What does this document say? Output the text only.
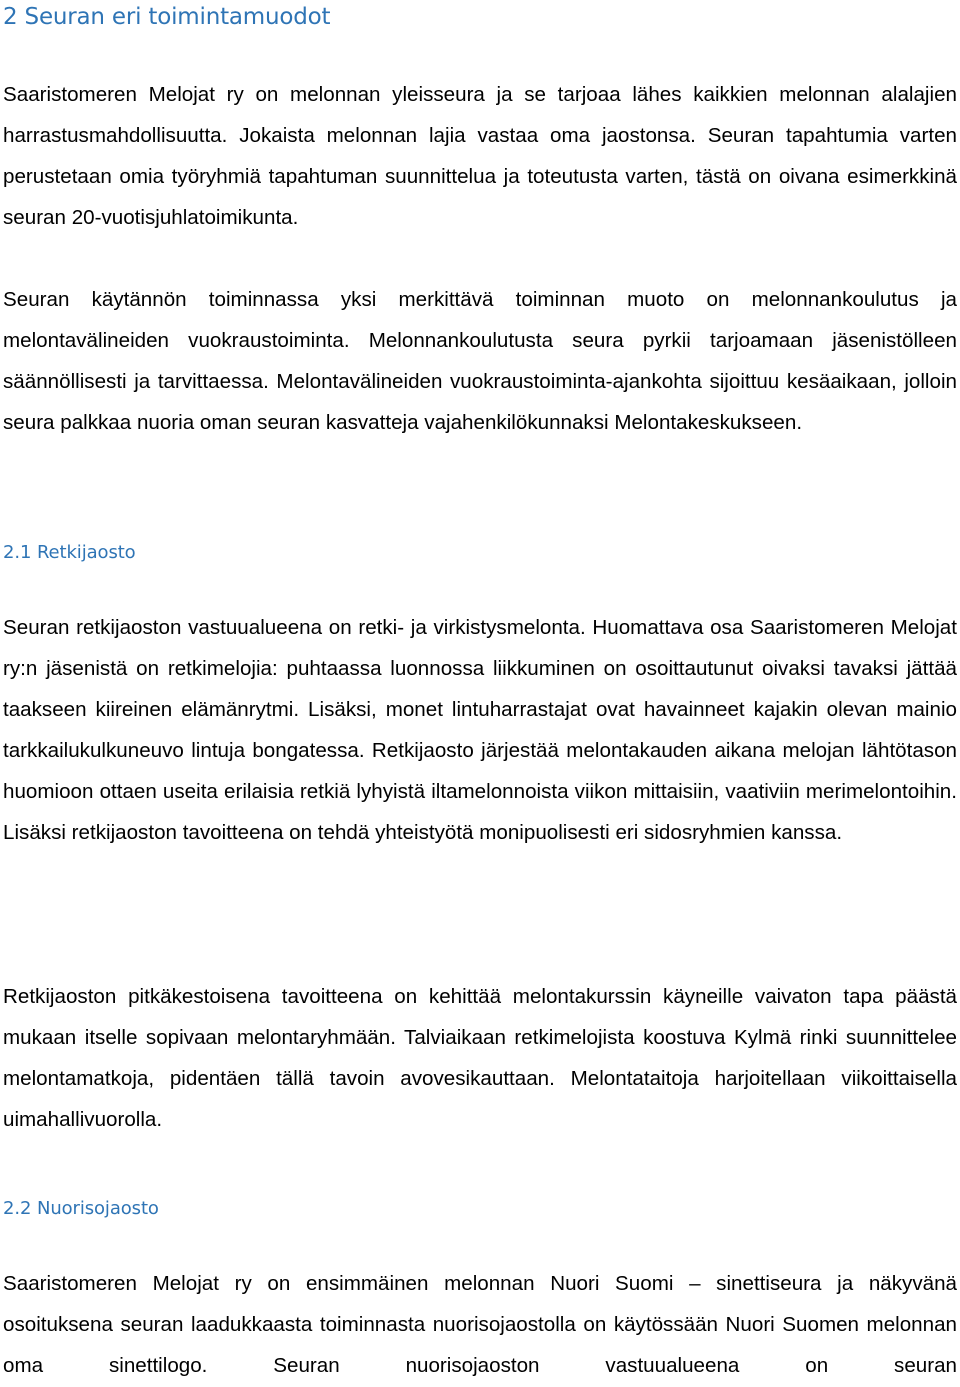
2 Seuran eri toimintamuodot

Saaristomeren Melojat ry on melonnan yleisseura ja se tarjoaa lähes kaikkien melonnan alalajien harrastusmahdollisuutta. Jokaista melonnan lajia vastaa oma jaostonsa. Seuran tapahtumia varten perustetaan omia työryhmiä tapahtuman suunnittelua ja toteutusta varten, tästä on oivana esimerkkinä seuran 20-vuotisjuhlatoimikunta.

Seuran käytännön toiminnassa yksi merkittävä toiminnan muoto on melonnankoulutus ja melontavälineiden vuokraustoiminta. Melonnankoulutusta seura pyrkii tarjoamaan jäsenistölleen säännöllisesti ja tarvittaessa. Melontavälineiden vuokraustoiminta-ajankohta sijoittuu kesäaikaan, jolloin seura palkkaa nuoria oman seuran kasvatteja vajahenkilökunnaksi Melontakeskukseen.

2.1 Retkijaosto

Seuran retkijaoston vastuualueena on retki- ja virkistysmelonta. Huomattava osa Saaristomeren Melojat ry:n jäsenistä on retkimelojia: puhtaassa luonnossa liikkuminen on osoittautunut oivaksi tavaksi jättää taakseen kiireinen elämänrytmi. Lisäksi, monet lintuharrastajat ovat havainneet kajakin olevan mainio tarkkailukulkuneuvo lintuja bongatessa. Retkijaosto järjestää melontakauden aikana melojan lähtötason huomioon ottaen useita erilaisia retkiä lyhyistä iltamelonnoista viikon mittaisiin, vaativiin merimelontoihin. Lisäksi retkijaoston tavoitteena on tehdä yhteistyötä monipuolisesti eri sidosryhmien kanssa.

Retkijaoston pitkäkestoisena tavoitteena on kehittää melontakurssin käyneille vaivaton tapa päästä mukaan itselle sopivaan melontaryhmään. Talviaikaan retkimelojista koostuva Kylmä rinki suunnittelee melontamatkoja, pidentäen tällä tavoin avovesikauttaan. Melontataitoja harjoitellaan viikoittaisella uimahallivuorolla.

2.2 Nuorisojaosto

Saaristomeren Melojat ry on ensimmäinen melonnan Nuori Suomi – sinettiseura ja näkyvänä osoituksena seuran laadukkaasta toiminnasta nuorisojaostolla on käytössään Nuori Suomen melonnan oma sinettilogo. Seuran nuorisojaoston vastuualueena on seuran
